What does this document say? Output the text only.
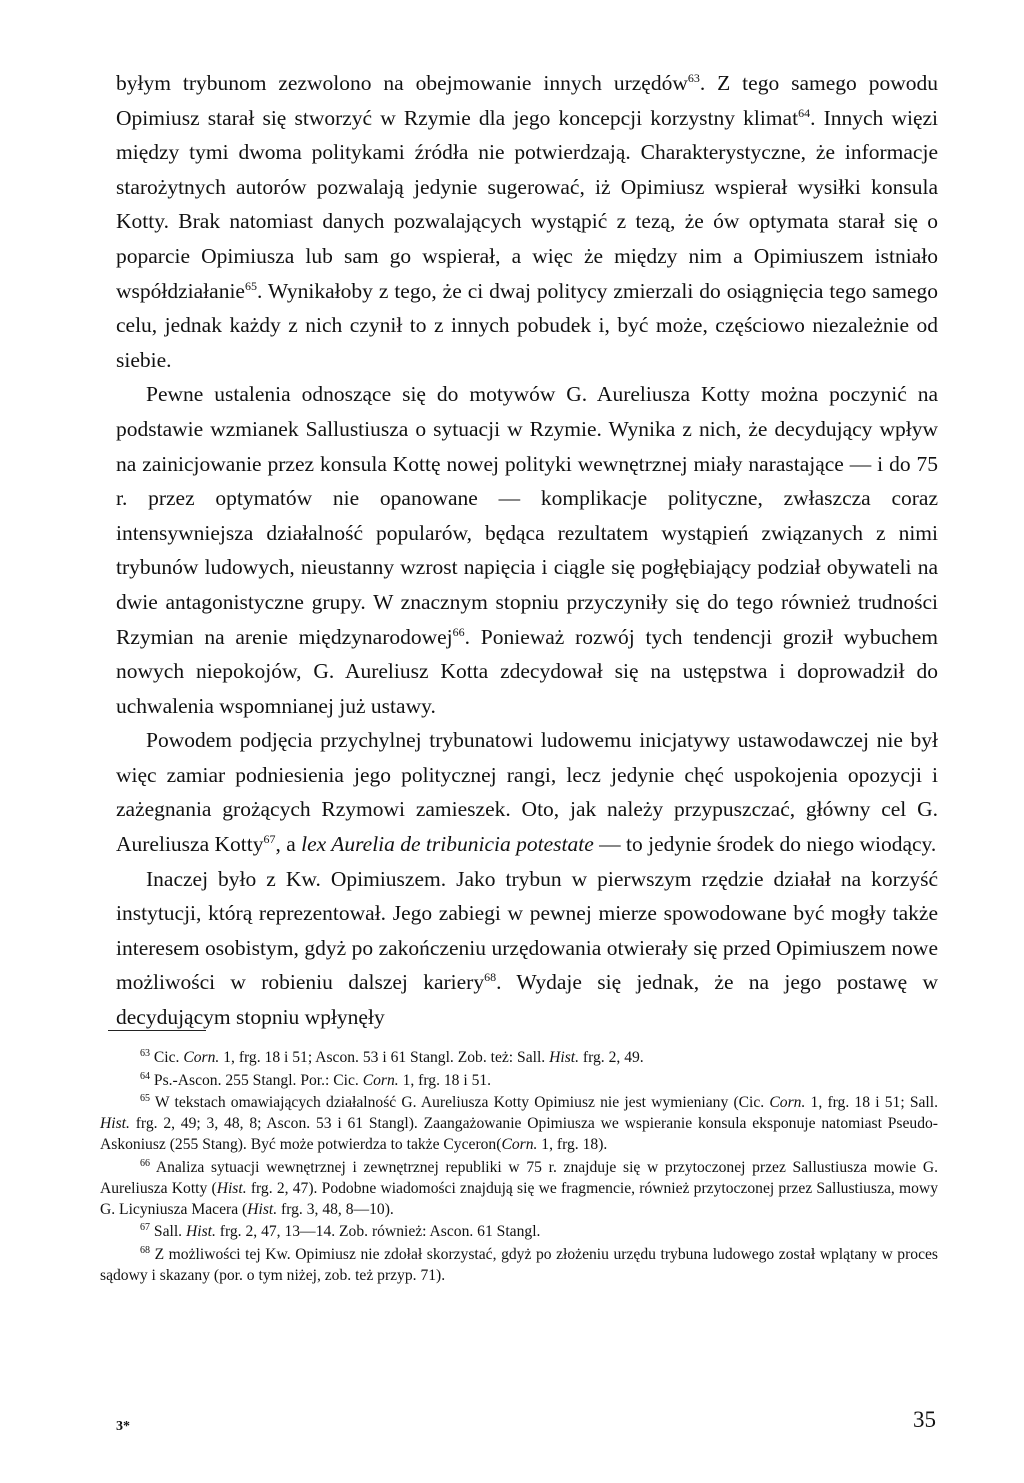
byłym trybunom zezwolono na obejmowanie innych urzędów$^{63}$. Z tego samego powodu Opimiusz starał się stworzyć w Rzymie dla jego koncepcji korzystny klimat$^{64}$. Innych więzi między tymi dwoma politykami źródła nie potwierdzają. Charakterystyczne, że informacje starożytnych autorów pozwalają jedynie sugerować, iż Opimiusz wspierał wysiłki konsula Kotty. Brak natomiast danych pozwalających wystąpić z tezą, że ów optymata starał się o poparcie Opimiusza lub sam go wspierał, a więc że między nim a Opimiuszem istniało współdziałanie$^{65}$. Wynikałoby z tego, że ci dwaj politycy zmierzali do osiągnięcia tego samego celu, jednak każdy z nich czynił to z innych pobudek i, być może, częściowo niezależnie od siebie.

Pewne ustalenia odnoszące się do motywów G. Aureliusza Kotty można poczynić na podstawie wzmianek Sallustiusza o sytuacji w Rzymie. Wynika z nich, że decydujący wpływ na zainicjowanie przez konsula Kottę nowej polityki wewnętrznej miały narastające — i do 75 r. przez optymatów nie opanowane — komplikacje polityczne, zwłaszcza coraz intensywniejsza działalność popularów, będąca rezultatem wystąpień związanych z nimi trybunów ludowych, nieustanny wzrost napięcia i ciągle się pogłębiający podział obywateli na dwie antagonistyczne grupy. W znacznym stopniu przyczyniły się do tego również trudności Rzymian na arenie międzynarodowej$^{66}$. Ponieważ rozwój tych tendencji groził wybuchem nowych niepokojów, G. Aureliusz Kotta zdecydował się na ustępstwa i doprowadził do uchwalenia wspomnianej już ustawy.

Powodem podjęcia przychylnej trybunatowi ludowemu inicjatywy ustawodawczej nie był więc zamiar podniesienia jego politycznej rangi, lecz jedynie chęć uspokojenia opozycji i zażegnania grożących Rzymowi zamieszek. Oto, jak należy przypuszczać, główny cel G. Aureliusza Kotty$^{67}$, a lex Aurelia de tribunicia potestate — to jedynie środek do niego wiodący.

Inaczej było z Kw. Opimiuszem. Jako trybun w pierwszym rzędzie działał na korzyść instytucji, którą reprezentował. Jego zabiegi w pewnej mierze spowodowane być mogły także interesem osobistym, gdyż po zakończeniu urzędowania otwierały się przed Opimiuszem nowe możliwości w robieniu dalszej kariery$^{68}$. Wydaje się jednak, że na jego postawę w decydującym stopniu wpłynęły

$^{63}$ Cic. Corn. 1, frg. 18 i 51; Ascon. 53 i 61 Stangl. Zob. też: Sall. Hist. frg. 2, 49.

$^{64}$ Ps.-Ascon. 255 Stangl. Por.: Cic. Corn. 1, frg. 18 i 51.

$^{65}$ W tekstach omawiających działalność G. Aureliusza Kotty Opimiusz nie jest wymieniany (Cic. Corn. 1, frg. 18 i 51; Sall. Hist. frg. 2, 49; 3, 48, 8; Ascon. 53 i 61 Stangl). Zaangażowanie Opimiusza we wspieranie konsula eksponuje natomiast Pseudo-Askoniusz (255 Stang). Być może potwierdza to także Cyceron(Corn. 1, frg. 18).

$^{66}$ Analiza sytuacji wewnętrznej i zewnętrznej republiki w 75 r. znajduje się w przytoczonej przez Sallustiusza mowie G. Aureliusza Kotty (Hist. frg. 2, 47). Podobne wiadomości znajdują się we fragmencie, również przytoczonej przez Sallustiusza, mowy G. Licyniusza Macera (Hist. frg. 3, 48, 8—10).

$^{67}$ Sall. Hist. frg. 2, 47, 13—14. Zob. również: Ascon. 61 Stangl.

$^{68}$ Z możliwości tej Kw. Opimiusz nie zdołał skorzystać, gdyż po złożeniu urzędu trybuna ludowego został wplątany w proces sądowy i skazany (por. o tym niżej, zob. też przyp. 71).

3*	35
